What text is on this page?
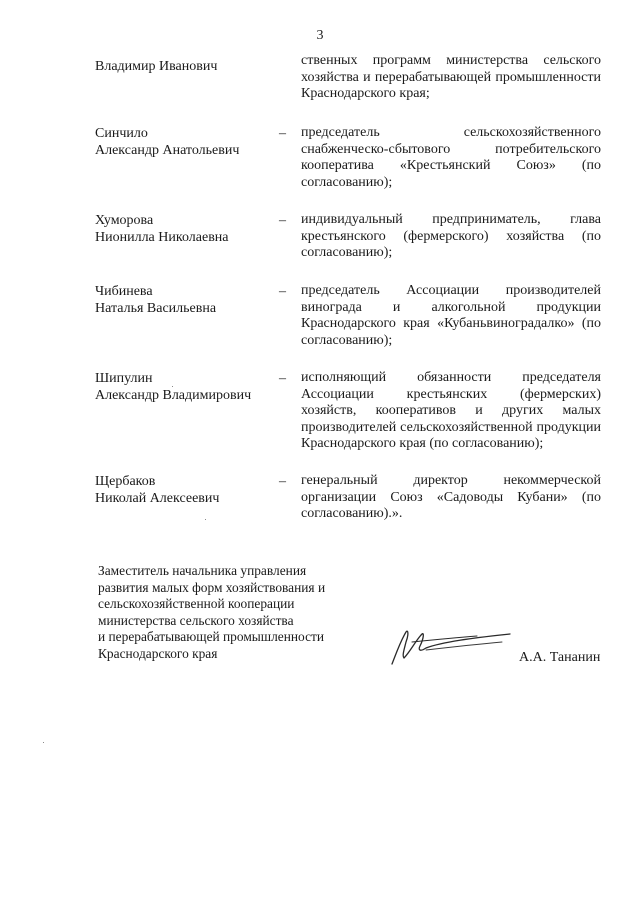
3
Владимир Иванович	ственных программ министерства сельского хозяйства и перерабатывающей промышленности Краснодарского края;
Синчило
Александр Анатольевич
– председатель сельскохозяйственного снабженческо-сбытового потребительского кооператива «Крестьянский Союз» (по согласованию);
Хуморова
Нионилла Николаевна
– индивидуальный предприниматель, глава крестьянского (фермерского) хозяйства (по согласованию);
Чибинева
Наталья Васильевна
– председатель Ассоциации производителей винограда и алкогольной продукции Краснодарского края «Кубаньвиноградалко» (по согласованию);
Шипулин
Александр Владимирович
– исполняющий обязанности председателя Ассоциации крестьянских (фермерских) хозяйств, кооперативов и других малых производителей сельскохозяйственной продукции Краснодарского края (по согласованию);
Щербаков
Николай Алексеевич
– генеральный директор некоммерческой организации Союз «Садоводы Кубани» (по согласованию).».
Заместитель начальника управления
развития малых форм хозяйствования и
сельскохозяйственной кооперации
министерства сельского хозяйства
и перерабатывающей промышленности
Краснодарского края	А.А. Тананин
